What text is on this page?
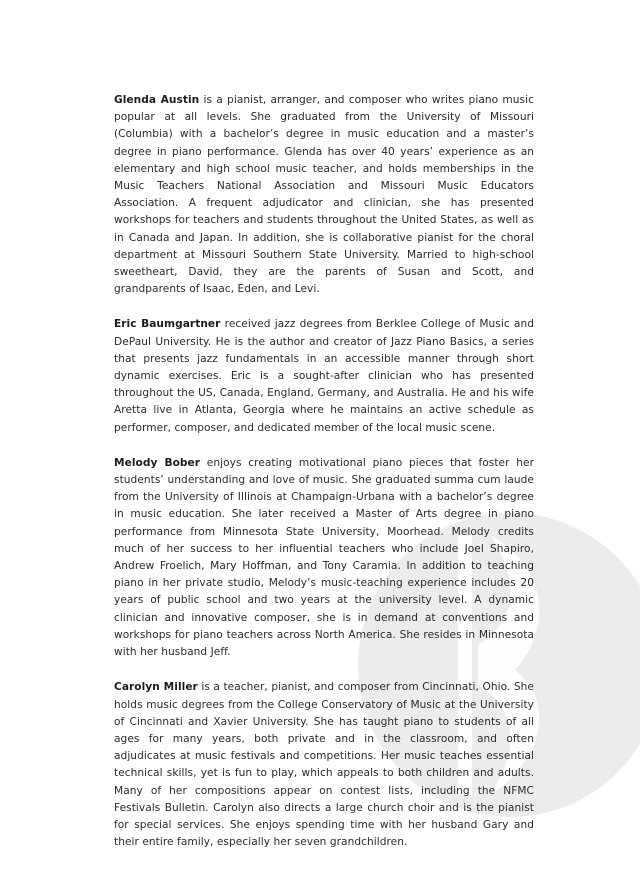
Glenda Austin is a pianist, arranger, and composer who writes piano music popular at all levels. She graduated from the University of Missouri (Columbia) with a bachelor’s degree in music education and a master’s degree in piano performance. Glenda has over 40 years’ experience as an elementary and high school music teacher, and holds memberships in the Music Teachers National Association and Missouri Music Educators Association. A frequent adjudicator and clinician, she has presented workshops for teachers and students throughout the United States, as well as in Canada and Japan. In addition, she is collaborative pianist for the choral department at Missouri Southern State University. Married to high-school sweetheart, David, they are the parents of Susan and Scott, and grandparents of Isaac, Eden, and Levi.

Eric Baumgartner received jazz degrees from Berklee College of Music and DePaul University. He is the author and creator of Jazz Piano Basics, a series that presents jazz fundamentals in an accessible manner through short dynamic exercises. Eric is a sought-after clinician who has presented throughout the US, Canada, England, Germany, and Australia. He and his wife Aretta live in Atlanta, Georgia where he maintains an active schedule as performer, composer, and dedicated member of the local music scene.

Melody Bober enjoys creating motivational piano pieces that foster her students’ understanding and love of music. She graduated summa cum laude from the University of Illinois at Champaign-Urbana with a bachelor’s degree in music education. She later received a Master of Arts degree in piano performance from Minnesota State University, Moorhead. Melody credits much of her success to her influential teachers who include Joel Shapiro, Andrew Froelich, Mary Hoffman, and Tony Caramia. In addition to teaching piano in her private studio, Melody’s music-teaching experience includes 20 years of public school and two years at the university level. A dynamic clinician and innovative composer, she is in demand at conventions and workshops for piano teachers across North America. She resides in Minnesota with her husband Jeff.

Carolyn Miller is a teacher, pianist, and composer from Cincinnati, Ohio. She holds music degrees from the College Conservatory of Music at the University of Cincinnati and Xavier University. She has taught piano to students of all ages for many years, both private and in the classroom, and often adjudicates at music festivals and competitions. Her music teaches essential technical skills, yet is fun to play, which appeals to both children and adults. Many of her compositions appear on contest lists, including the NFMC Festivals Bulletin. Carolyn also directs a large church choir and is the pianist for special services. She enjoys spending time with her husband Gary and their entire family, especially her seven grandchildren.
